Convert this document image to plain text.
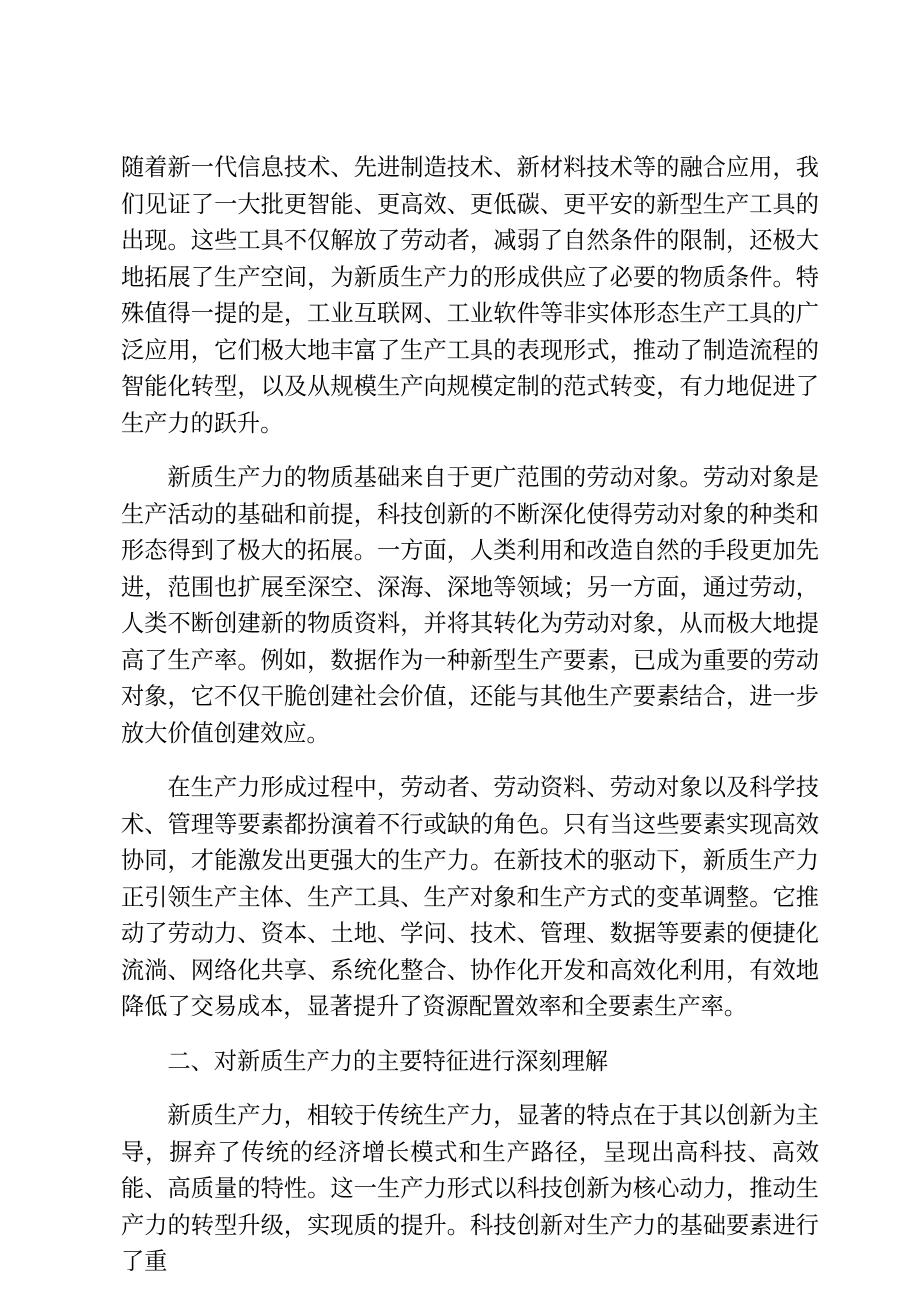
随着新一代信息技术、先进制造技术、新材料技术等的融合应用，我们见证了一大批更智能、更高效、更低碳、更平安的新型生产工具的出现。这些工具不仅解放了劳动者，减弱了自然条件的限制，还极大地拓展了生产空间，为新质生产力的形成供应了必要的物质条件。特殊值得一提的是，工业互联网、工业软件等非实体形态生产工具的广泛应用，它们极大地丰富了生产工具的表现形式，推动了制造流程的智能化转型，以及从规模生产向规模定制的范式转变，有力地促进了生产力的跃升。

新质生产力的物质基础来自于更广范围的劳动对象。劳动对象是生产活动的基础和前提，科技创新的不断深化使得劳动对象的种类和形态得到了极大的拓展。一方面，人类利用和改造自然的手段更加先进，范围也扩展至深空、深海、深地等领域；另一方面，通过劳动，人类不断创建新的物质资料，并将其转化为劳动对象，从而极大地提高了生产率。例如，数据作为一种新型生产要素，已成为重要的劳动对象，它不仅干脆创建社会价值，还能与其他生产要素结合，进一步放大价值创建效应。

在生产力形成过程中，劳动者、劳动资料、劳动对象以及科学技术、管理等要素都扮演着不行或缺的角色。只有当这些要素实现高效协同，才能激发出更强大的生产力。在新技术的驱动下，新质生产力正引领生产主体、生产工具、生产对象和生产方式的变革调整。它推动了劳动力、资本、土地、学问、技术、管理、数据等要素的便捷化流淌、网络化共享、系统化整合、协作化开发和高效化利用，有效地降低了交易成本，显著提升了资源配置效率和全要素生产率。

二、对新质生产力的主要特征进行深刻理解

新质生产力，相较于传统生产力，显著的特点在于其以创新为主导，摒弃了传统的经济增长模式和生产路径，呈现出高科技、高效能、高质量的特性。这一生产力形式以科技创新为核心动力，推动生产力的转型升级，实现质的提升。科技创新对生产力的基础要素进行了重
